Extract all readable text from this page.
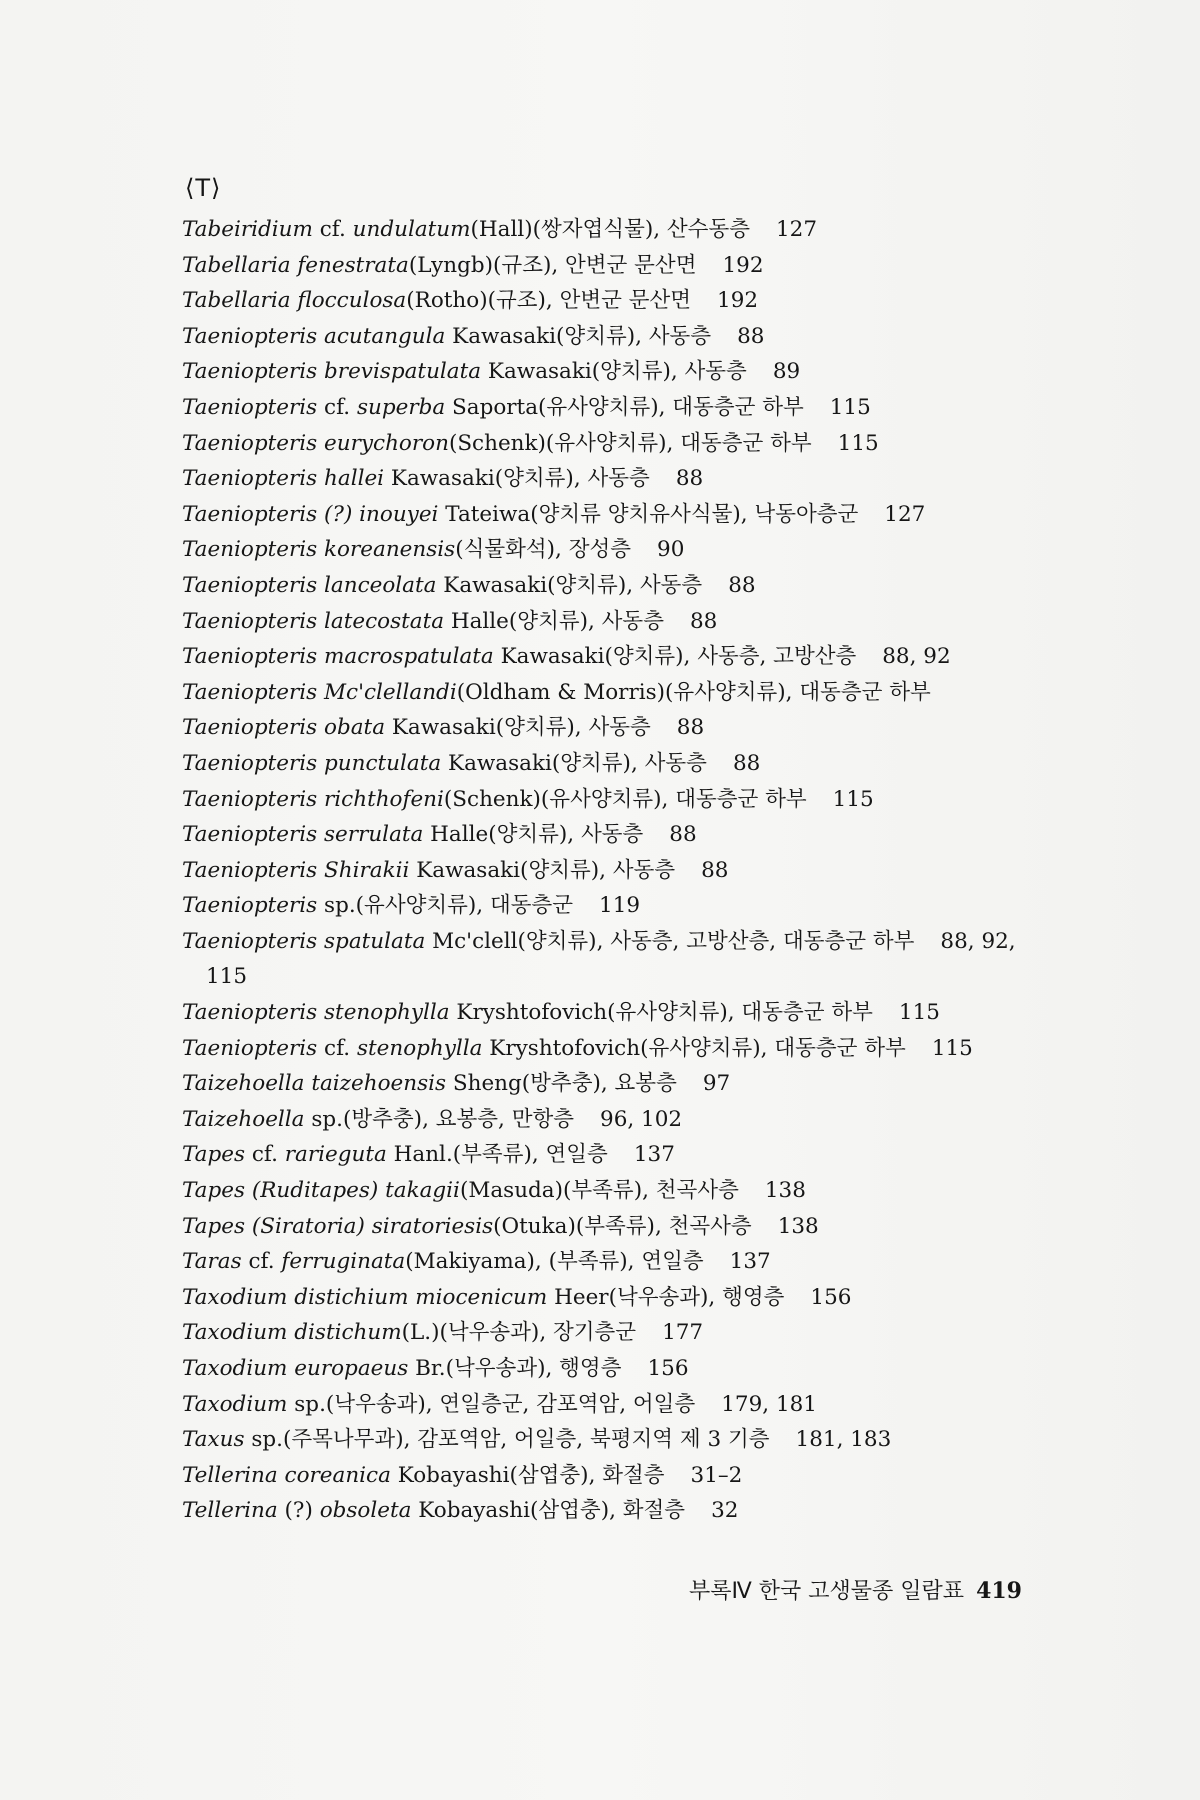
⟨T⟩
Tabeiridium cf. undulatum(Hall)(쌍자엽식물), 산수동층 127
Tabellaria fenestrata(Lyngb)(규조), 안변군 문산면 192
Tabellaria flocculosa(Rotho)(규조), 안변군 문산면 192
Taeniopteris acutangula Kawasaki(양치류), 사동층 88
Taeniopteris brevispatulata Kawasaki(양치류), 사동층 89
Taeniopteris cf. superba Saporta(유사양치류), 대동층군 하부 115
Taeniopteris eurychoron(Schenk)(유사양치류), 대동층군 하부 115
Taeniopteris hallei Kawasaki(양치류), 사동층 88
Taeniopteris (?) inouyei Tateiwa(양치류 양치유사식물), 낙동아층군 127
Taeniopteris koreanensis(식물화석), 장성층 90
Taeniopteris lanceolata Kawasaki(양치류), 사동층 88
Taeniopteris latecostata Halle(양치류), 사동층 88
Taeniopteris macrospatulata Kawasaki(양치류), 사동층, 고방산층 88, 92
Taeniopteris Mc'clellandi(Oldham & Morris)(유사양치류), 대동층군 하부
Taeniopteris obata Kawasaki(양치류), 사동층 88
Taeniopteris punctulata Kawasaki(양치류), 사동층 88
Taeniopteris richthofeni(Schenk)(유사양치류), 대동층군 하부 115
Taeniopteris serrulata Halle(양치류), 사동층 88
Taeniopteris Shirakii Kawasaki(양치류), 사동층 88
Taeniopteris sp.(유사양치류), 대동층군 119
Taeniopteris spatulata Mc'clell(양치류), 사동층, 고방산층, 대동층군 하부 88, 92,
115
Taeniopteris stenophylla Kryshtofovich(유사양치류), 대동층군 하부 115
Taeniopteris cf. stenophylla Kryshtofovich(유사양치류), 대동층군 하부 115
Taizehoella taizehoensis Sheng(방추충), 요봉층 97
Taizehoella sp.(방추충), 요봉층, 만항층 96, 102
Tapes cf. rarieguta Hanl.(부족류), 연일층 137
Tapes (Ruditapes) takagii(Masuda)(부족류), 천곡사층 138
Tapes (Siratoria) siratoriesis(Otuka)(부족류), 천곡사층 138
Taras cf. ferruginata(Makiyama), (부족류), 연일층 137
Taxodium distichium miocenicum Heer(낙우송과), 행영층 156
Taxodium distichum(L.)(낙우송과), 장기층군 177
Taxodium europaeus Br.(낙우송과), 행영층 156
Taxodium sp.(낙우송과), 연일층군, 감포역암, 어일층 179, 181
Taxus sp.(주목나무과), 감포역암, 어일층, 북평지역 제 3 기층 181, 183
Tellerina coreanica Kobayashi(삼엽충), 화절층 31–2
Tellerina (?) obsoleta Kobayashi(삼엽충), 화절층 32
부록Ⅳ 한국 고생물종 일람표 419
